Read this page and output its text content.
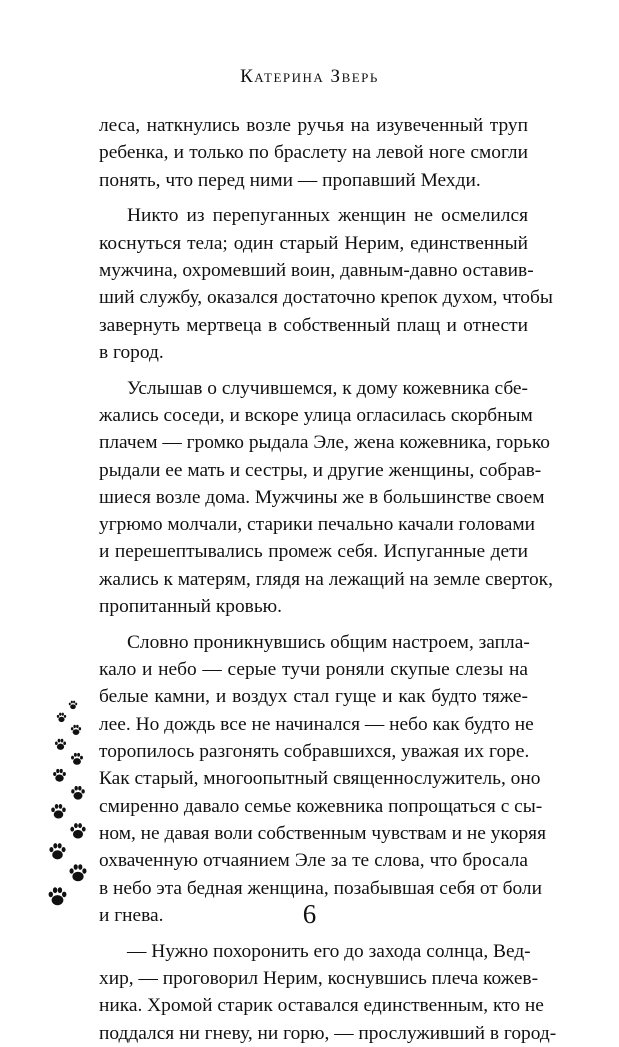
Катерина Зверь
леса, наткнулись возле ручья на изувеченный труп
ребенка, и только по браслету на левой ноге смогли
понять, что перед ними — пропавший Мехди.
Никто из перепуганных женщин не осмелился
коснуться тела; один старый Нерим, единственный
мужчина, охромевший воин, давным-давно оставив-
ший службу, оказался достаточно крепок духом, чтобы
завернуть мертвеца в собственный плащ и отнести
в город.
Услышав о случившемся, к дому кожевника сбе-
жались соседи, и вскоре улица огласилась скорбным
плачем — громко рыдала Эле, жена кожевника, горько
рыдали ее мать и сестры, и другие женщины, собрав-
шиеся возле дома. Мужчины же в большинстве своем
угрюмо молчали, старики печально качали головами
и перешептывались промеж себя. Испуганные дети
жались к матерям, глядя на лежащий на земле сверток,
пропитанный кровью.
Словно проникнувшись общим настроем, запла-
кало и небо — серые тучи роняли скупые слезы на
белые камни, и воздух стал гуще и как будто тяже-
лее. Но дождь все не начинался — небо как будто не
торопилось разгонять собравшихся, уважая их горе.
Как старый, многоопытный священнослужитель, оно
смиренно давало семье кожевника попрощаться с сы-
ном, не давая воли собственным чувствам и не укоряя
охваченную отчаянием Эле за те слова, что бросала
в небо эта бедная женщина, позабывшая себя от боли
и гнева.
— Нужно похоронить его до захода солнца, Вед-
хир, — проговорил Нерим, коснувшись плеча кожев-
ника. Хромой старик оставался единственным, кто не
поддался ни гневу, ни горю, — прослуживший в город-
6
